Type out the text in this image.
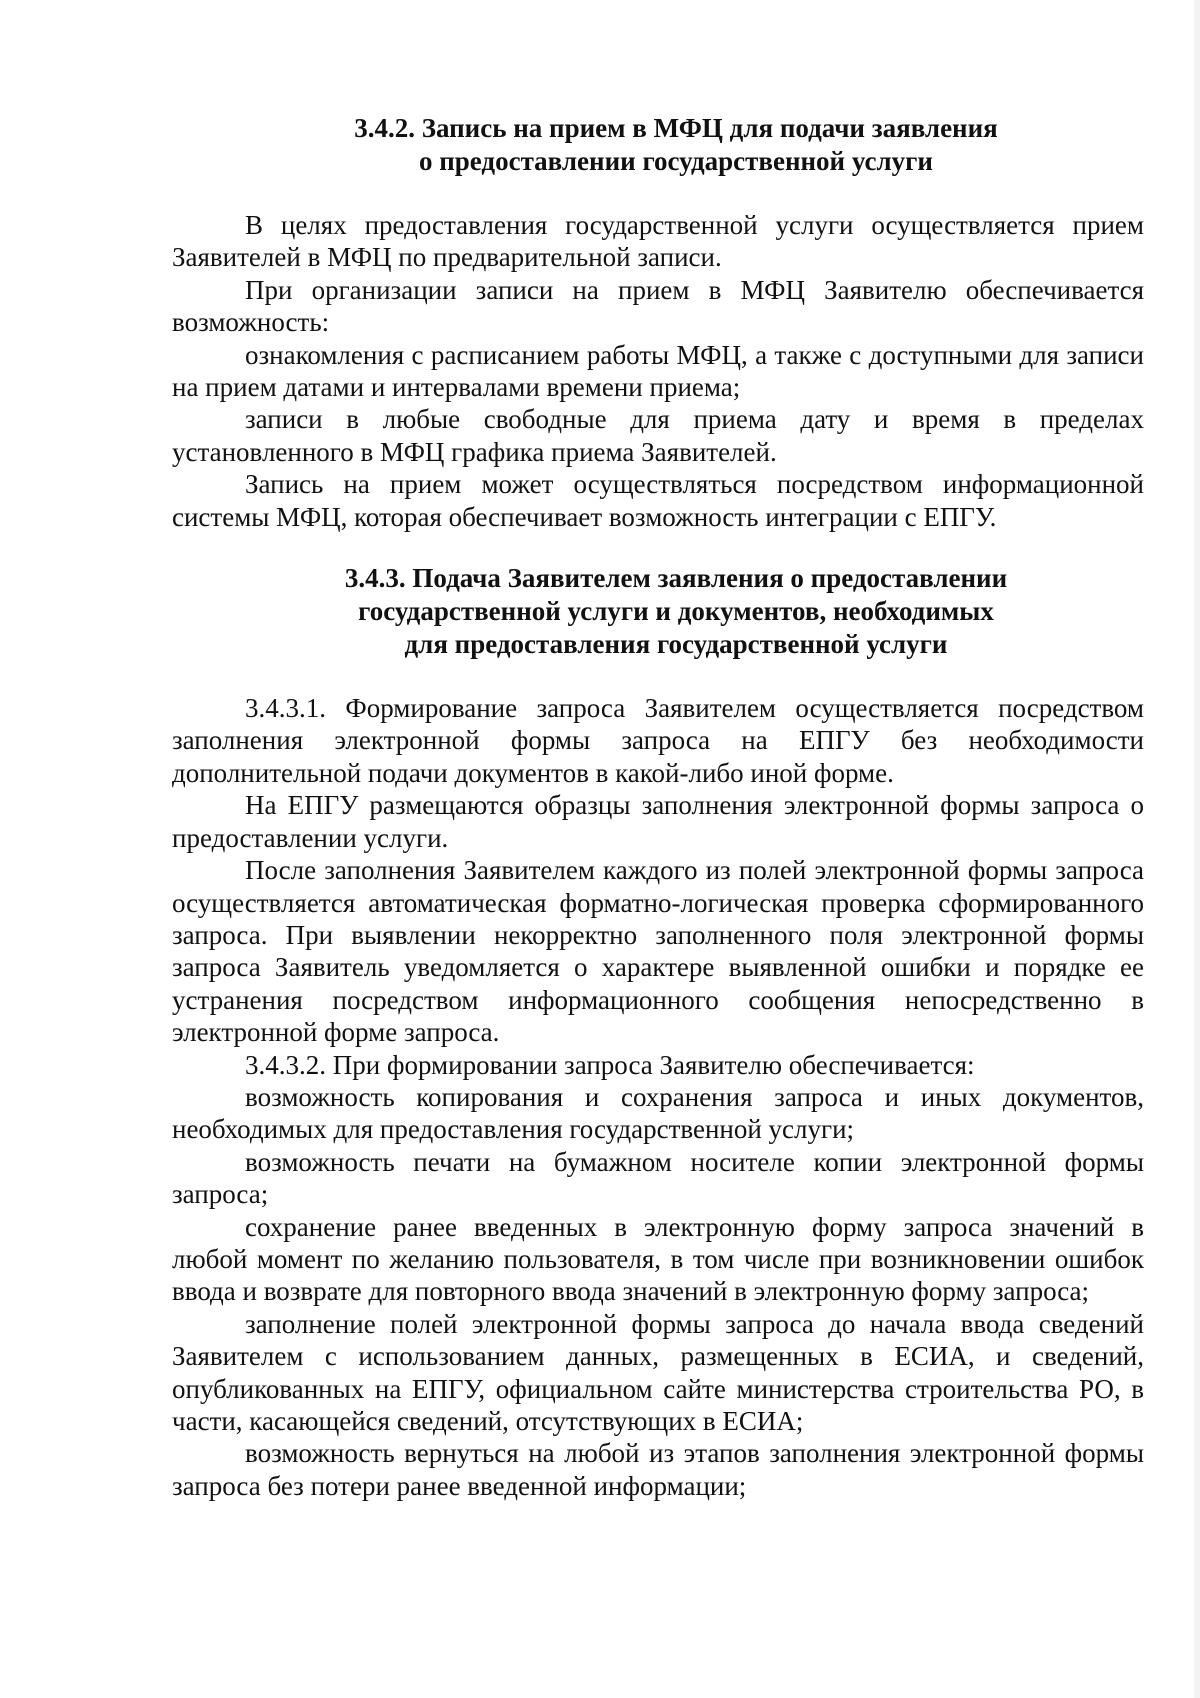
3.4.2. Запись на прием в МФЦ для подачи заявления
о предоставлении государственной услуги

В целях предоставления государственной услуги осуществляется прием Заявителей в МФЦ по предварительной записи.

При организации записи на прием в МФЦ Заявителю обеспечивается возможность:

ознакомления с расписанием работы МФЦ, а также с доступными для записи на прием датами и интервалами времени приема;

записи в любые свободные для приема дату и время в пределах установленного в МФЦ графика приема Заявителей.

Запись на прием может осуществляться посредством информационной системы МФЦ, которая обеспечивает возможность интеграции с ЕПГУ.

3.4.3. Подача Заявителем заявления о предоставлении
государственной услуги и документов, необходимых
для предоставления государственной услуги

3.4.3.1. Формирование запроса Заявителем осуществляется посредством заполнения электронной формы запроса на ЕПГУ без необходимости дополнительной подачи документов в какой-либо иной форме.

На ЕПГУ размещаются образцы заполнения электронной формы запроса о предоставлении услуги.

После заполнения Заявителем каждого из полей электронной формы запроса осуществляется автоматическая форматно-логическая проверка сформированного запроса. При выявлении некорректно заполненного поля электронной формы запроса Заявитель уведомляется о характере выявленной ошибки и порядке ее устранения посредством информационного сообщения непосредственно в электронной форме запроса.

3.4.3.2. При формировании запроса Заявителю обеспечивается:

возможность копирования и сохранения запроса и иных документов, необходимых для предоставления государственной услуги;

возможность печати на бумажном носителе копии электронной формы запроса;

сохранение ранее введенных в электронную форму запроса значений в любой момент по желанию пользователя, в том числе при возникновении ошибок ввода и возврате для повторного ввода значений в электронную форму запроса;

заполнение полей электронной формы запроса до начала ввода сведений Заявителем с использованием данных, размещенных в ЕСИА, и сведений, опубликованных на ЕПГУ, официальном сайте министерства строительства РО, в части, касающейся сведений, отсутствующих в ЕСИА;

возможность вернуться на любой из этапов заполнения электронной формы запроса без потери ранее введенной информации;
